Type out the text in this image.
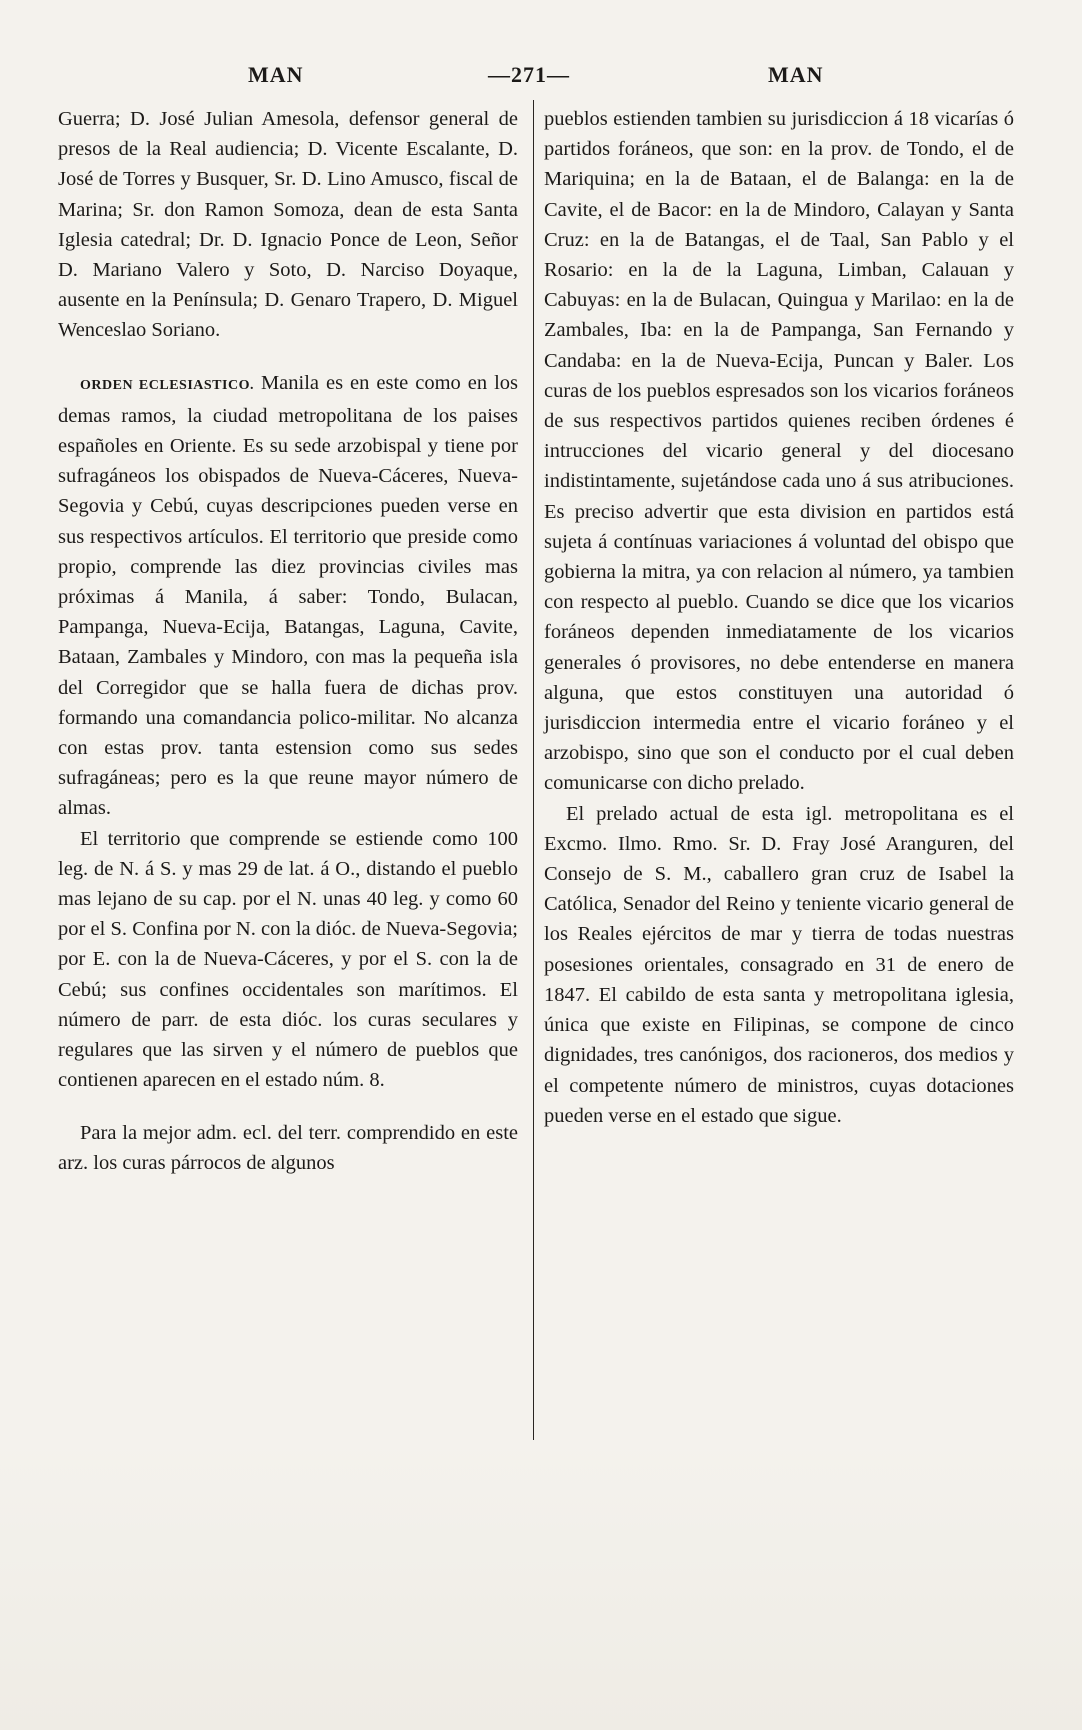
MAN	—271—	MAN

Guerra; D. José Julian Amesola, defensor general de presos de la Real audiencia; D. Vicente Escalante, D. José de Torres y Busquer, Sr. D. Lino Amusco, fiscal de Marina; Sr. don Ramon Somoza, dean de esta Santa Iglesia catedral; Dr. D. Ignacio Ponce de Leon, Señor D. Mariano Valero y Soto, D. Narciso Doyaque, ausente en la Península; D. Genaro Trapero, D. Miguel Wenceslao Soriano.

ORDEN ECLESIASTICO. Manila es en este como en los demas ramos, la ciudad metropolitana de los paises españoles en Oriente. Es su sede arzobispal y tiene por sufragáneos los obispados de Nueva-Cáceres, Nueva-Segovia y Cebú, cuyas descripciones pueden verse en sus respectivos artículos. El territorio que preside como propio, comprende las diez provincias civiles mas próximas á Manila, á saber: Tondo, Bulacan, Pampanga, Nueva-Ecija, Batangas, Laguna, Cavite, Bataan, Zambales y Mindoro, con mas la pequeña isla del Corregidor que se halla fuera de dichas prov. formando una comandancia polico-militar. No alcanza con estas prov. tanta estension como sus sedes sufragáneas; pero es la que reune mayor número de almas.

El territorio que comprende se estiende como 100 leg. de N. á S. y mas 29 de lat. á O., distando el pueblo mas lejano de su cap. por el N. unas 40 leg. y como 60 por el S. Confina por N. con la dióc. de Nueva-Segovia; por E. con la de Nueva-Cáceres, y por el S. con la de Cebú; sus confines occidentales son marítimos. El número de parr. de esta dióc. los curas seculares y regulares que las sirven y el número de pueblos que contienen aparecen en el estado núm. 8.

Para la mejor adm. ecl. del terr. comprendido en este arz. los curas párrocos de algunos

pueblos estienden tambien su jurisdiccion á 18 vicarías ó partidos foráneos, que son: en la prov. de Tondo, el de Mariquina; en la de Bataan, el de Balanga: en la de Cavite, el de Bacor: en la de Mindoro, Calayan y Santa Cruz: en la de Batangas, el de Taal, San Pablo y el Rosario: en la de la Laguna, Limban, Calauan y Cabuyas: en la de Bulacan, Quingua y Marilao: en la de Zambales, Iba: en la de Pampanga, San Fernando y Candaba: en la de Nueva-Ecija, Puncan y Baler. Los curas de los pueblos espresados son los vicarios foráneos de sus respectivos partidos quienes reciben órdenes é intrucciones del vicario general y del diocesano indistintamente, sujetándose cada uno á sus atribuciones. Es preciso advertir que esta division en partidos está sujeta á contínuas variaciones á voluntad del obispo que gobierna la mitra, ya con relacion al número, ya tambien con respecto al pueblo. Cuando se dice que los vicarios foráneos dependen inmediatamente de los vicarios generales ó provisores, no debe entenderse en manera alguna, que estos constituyen una autoridad ó jurisdiccion intermedia entre el vicario foráneo y el arzobispo, sino que son el conducto por el cual deben comunicarse con dicho prelado.

El prelado actual de esta igl. metropolitana es el Excmo. Ilmo. Rmo. Sr. D. Fray José Aranguren, del Consejo de S. M., caballero gran cruz de Isabel la Católica, Senador del Reino y teniente vicario general de los Reales ejércitos de mar y tierra de todas nuestras posesiones orientales, consagrado en 31 de enero de 1847. El cabildo de esta santa y metropolitana iglesia, única que existe en Filipinas, se compone de cinco dignidades, tres canónigos, dos racioneros, dos medios y el competente número de ministros, cuyas dotaciones pueden verse en el estado que sigue.
